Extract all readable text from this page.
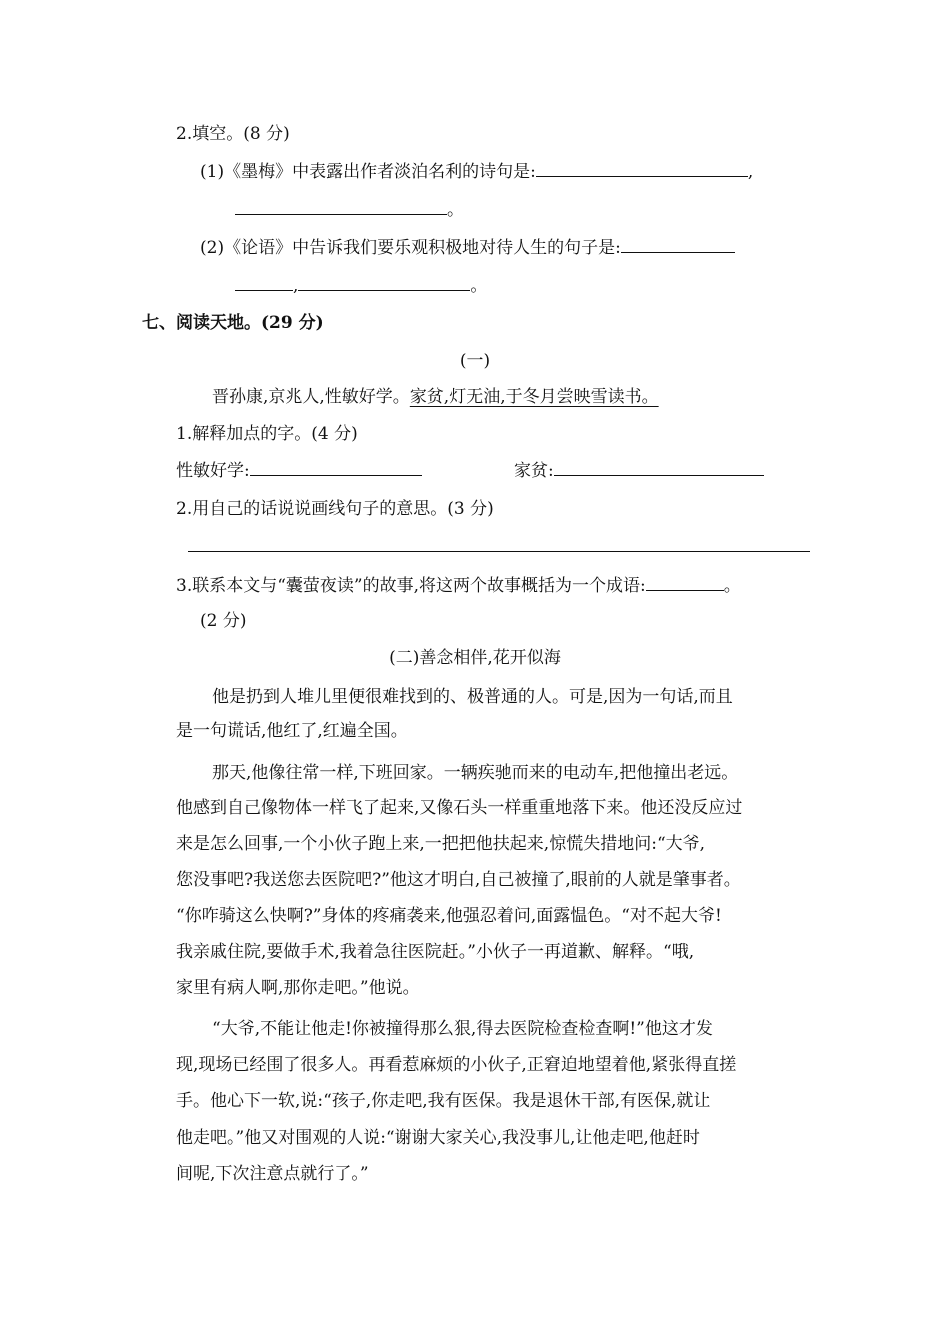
2.填空。(8 分)
(1)《墨梅》中表露出作者淡泊名利的诗句是:	,
。
(2)《论语》中告诉我们要乐观积极地对待人生的句子是:
,	。
七、阅读天地。(29 分)
(一)
晋孙康,京兆人,性敏好学。家贫,灯无油,于冬月尝映雪读书。
1.解释加点的字。(4 分)
性敏好学:	家贫:
2.用自己的话说说画线句子的意思。(3 分)
3.联系本文与“囊萤夜读”的故事,将这两个故事概括为一个成语:	。
(2 分)
(二)善念相伴,花开似海
他是扔到人堆儿里便很难找到的、极普通的人。可是,因为一句话,而且
是一句谎话,他红了,红遍全国。
那天,他像往常一样,下班回家。一辆疾驰而来的电动车,把他撞出老远。
他感到自己像物体一样飞了起来,又像石头一样重重地落下来。他还没反应过
来是怎么回事,一个小伙子跑上来,一把把他扶起来,惊慌失措地问:“大爷,
您没事吧?我送您去医院吧?”他这才明白,自己被撞了,眼前的人就是肇事者。
“你咋骑这么快啊?”身体的疼痛袭来,他强忍着问,面露愠色。“对不起大爷!
我亲戚住院,要做手术,我着急往医院赶。”小伙子一再道歉、解释。“哦,
家里有病人啊,那你走吧。”他说。
“大爷,不能让他走!你被撞得那么狠,得去医院检查检查啊!”他这才发
现,现场已经围了很多人。再看惹麻烦的小伙子,正窘迫地望着他,紧张得直搓
手。他心下一软,说:“孩子,你走吧,我有医保。我是退休干部,有医保,就让
他走吧。”他又对围观的人说:“谢谢大家关心,我没事儿,让他走吧,他赶时
间呢,下次注意点就行了。”
